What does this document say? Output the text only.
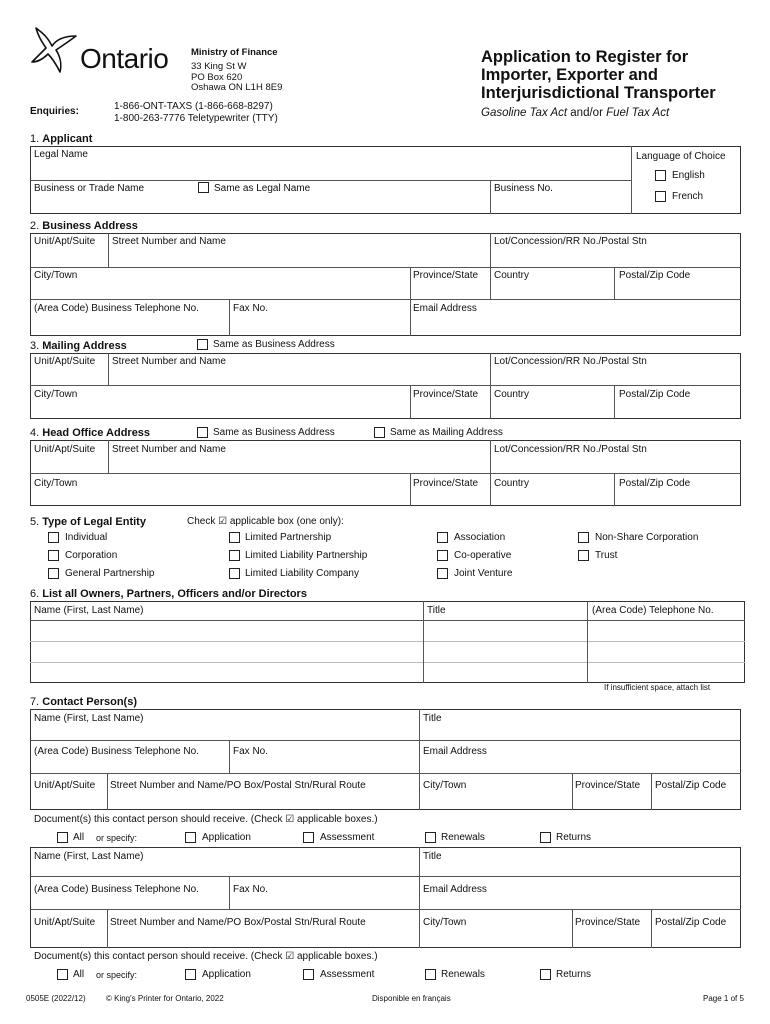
Ontario Ministry of Finance
33 King St W
PO Box 620
Oshawa ON L1H 8E9
Enquiries:	1-866-ONT-TAXS (1-866-668-8297)
1-800-263-7776 Teletypewriter (TTY)
Application to Register for
Importer, Exporter and
Interjurisdictional Transporter
Gasoline Tax Act and/or Fuel Tax Act
1. Applicant
Legal Name
Business or Trade Name	Same as Legal Name	Business No.
Language of Choice
English
French
2. Business Address
Unit/Apt/Suite Street Number and Name	Lot/Concession/RR No./Postal Stn
City/Town	Province/State Country	Postal/Zip Code
(Area Code) Business Telephone No.	Fax No.	Email Address
3. Mailing Address	Same as Business Address
Unit/Apt/Suite Street Number and Name	Lot/Concession/RR No./Postal Stn
City/Town	Province/State Country	Postal/Zip Code
4. Head Office Address	Same as Business Address	Same as Mailing Address
Unit/Apt/Suite Street Number and Name	Lot/Concession/RR No./Postal Stn
City/Town	Province/State Country	Postal/Zip Code
5. Type of Legal Entity	Check ☑ applicable box (one only):
Individual	Limited Partnership	Association	Non-Share Corporation
Corporation	Limited Liability Partnership	Co-operative	Trust
General Partnership	Limited Liability Company	Joint Venture
6. List all Owners, Partners, Officers and/or Directors
Name (First, Last Name)	Title	(Area Code) Telephone No.
If insufficient space, attach list
7. Contact Person(s)
Name (First, Last Name)	Title
(Area Code) Business Telephone No.	Fax No.	Email Address
Unit/Apt/Suite Street Number and Name/PO Box/Postal Stn/Rural Route	City/Town	Province/State Postal/Zip Code
Document(s) this contact person should receive. (Check ☑ applicable boxes.)
All or specify:	Application	Assessment	Renewals	Returns
Name (First, Last Name)	Title
(Area Code) Business Telephone No.	Fax No.	Email Address
Unit/Apt/Suite Street Number and Name/PO Box/Postal Stn/Rural Route	City/Town	Province/State Postal/Zip Code
Document(s) this contact person should receive. (Check ☑ applicable boxes.)
All or specify:	Application	Assessment	Renewals	Returns
0505E (2022/12)	© King's Printer for Ontario, 2022	Disponible en français	Page 1 of 5
